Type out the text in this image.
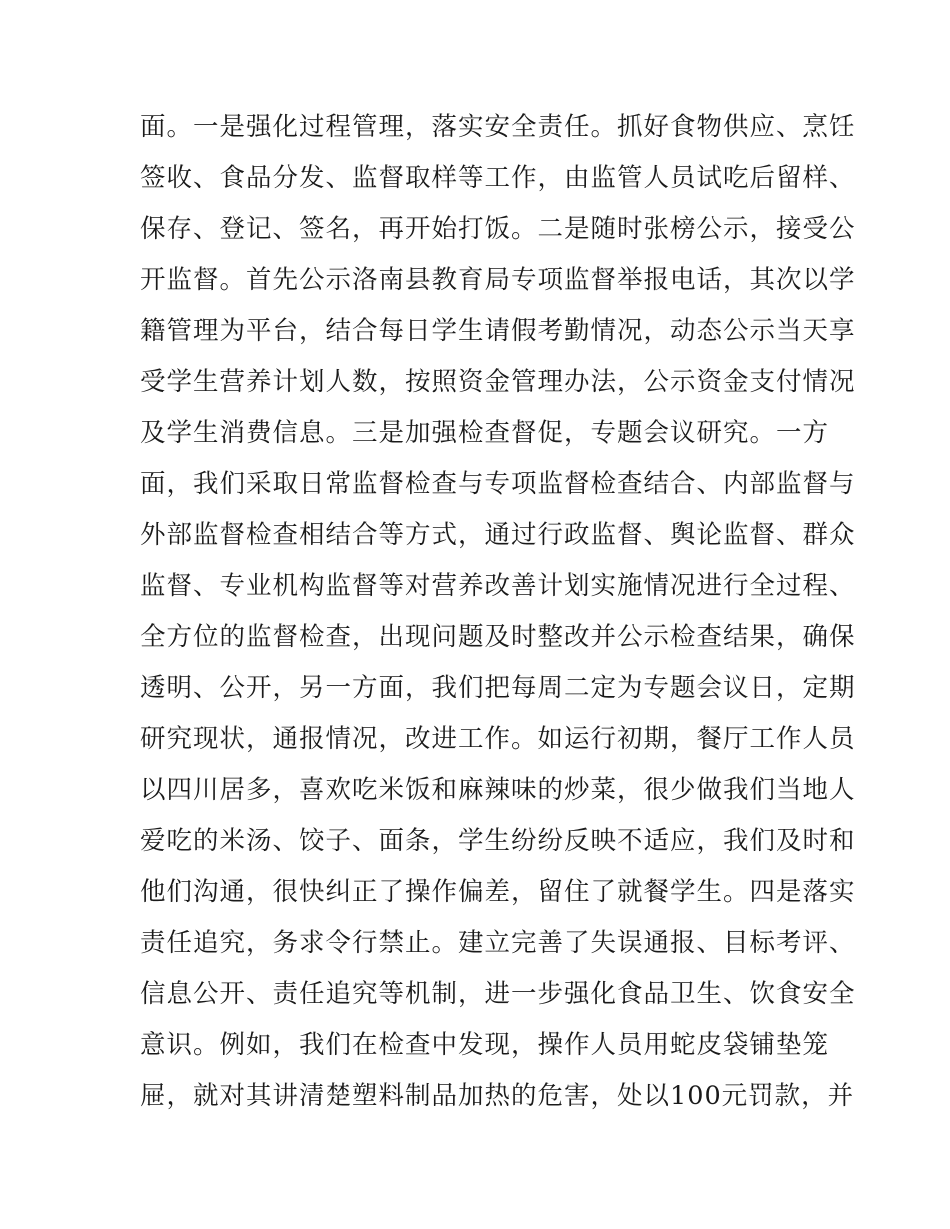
面。一是强化过程管理，落实安全责任。抓好食物供应、烹饪
签收、食品分发、监督取样等工作，由监管人员试吃后留样、
保存、登记、签名，再开始打饭。二是随时张榜公示，接受公
开监督。首先公示洛南县教育局专项监督举报电话，其次以学
籍管理为平台，结合每日学生请假考勤情况，动态公示当天享
受学生营养计划人数，按照资金管理办法，公示资金支付情况
及学生消费信息。三是加强检查督促，专题会议研究。一方
面，我们采取日常监督检查与专项监督检查结合、内部监督与
外部监督检查相结合等方式，通过行政监督、舆论监督、群众
监督、专业机构监督等对营养改善计划实施情况进行全过程、
全方位的监督检查，出现问题及时整改并公示检查结果，确保
透明、公开，另一方面，我们把每周二定为专题会议日，定期
研究现状，通报情况，改进工作。如运行初期，餐厅工作人员
以四川居多，喜欢吃米饭和麻辣味的炒菜，很少做我们当地人
爱吃的米汤、饺子、面条，学生纷纷反映不适应，我们及时和
他们沟通，很快纠正了操作偏差，留住了就餐学生。四是落实
责任追究，务求令行禁止。建立完善了失误通报、目标考评、
信息公开、责任追究等机制，进一步强化食品卫生、饮食安全
意识。例如，我们在检查中发现，操作人员用蛇皮袋铺垫笼
屉，就对其讲清楚塑料制品加热的危害，处以100元罚款，并
